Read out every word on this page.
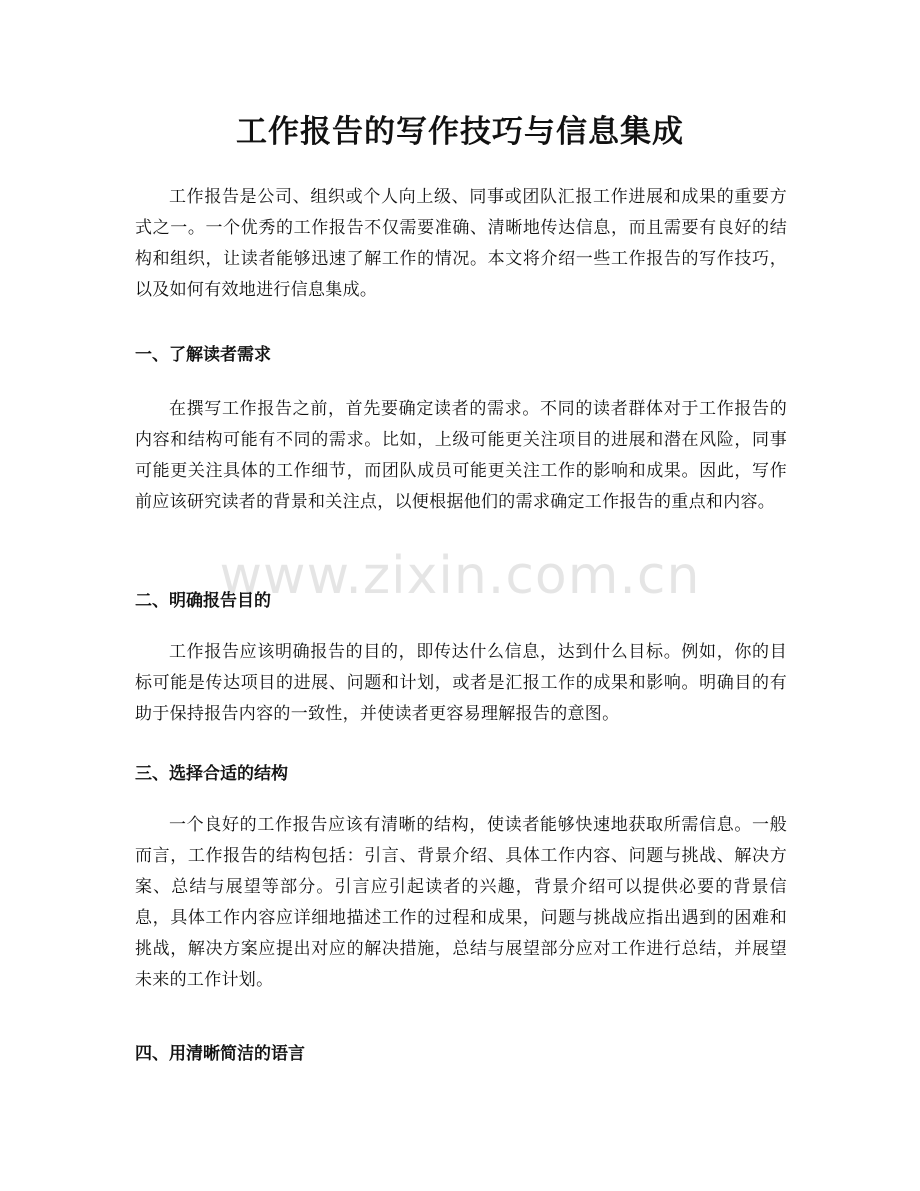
工作报告的写作技巧与信息集成

工作报告是公司、组织或个人向上级、同事或团队汇报工作进展和成果的重要方式之一。一个优秀的工作报告不仅需要准确、清晰地传达信息，而且需要有良好的结构和组织，让读者能够迅速了解工作的情况。本文将介绍一些工作报告的写作技巧，以及如何有效地进行信息集成。

一、了解读者需求

在撰写工作报告之前，首先要确定读者的需求。不同的读者群体对于工作报告的内容和结构可能有不同的需求。比如，上级可能更关注项目的进展和潜在风险，同事可能更关注具体的工作细节，而团队成员可能更关注工作的影响和成果。因此，写作前应该研究读者的背景和关注点，以便根据他们的需求确定工作报告的重点和内容。

二、明确报告目的

工作报告应该明确报告的目的，即传达什么信息，达到什么目标。例如，你的目标可能是传达项目的进展、问题和计划，或者是汇报工作的成果和影响。明确目的有助于保持报告内容的一致性，并使读者更容易理解报告的意图。

三、选择合适的结构

一个良好的工作报告应该有清晰的结构，使读者能够快速地获取所需信息。一般而言，工作报告的结构包括：引言、背景介绍、具体工作内容、问题与挑战、解决方案、总结与展望等部分。引言应引起读者的兴趣，背景介绍可以提供必要的背景信息，具体工作内容应详细地描述工作的过程和成果，问题与挑战应指出遇到的困难和挑战，解决方案应提出对应的解决措施，总结与展望部分应对工作进行总结，并展望未来的工作计划。

四、用清晰简洁的语言
www.zixin.com.cn
